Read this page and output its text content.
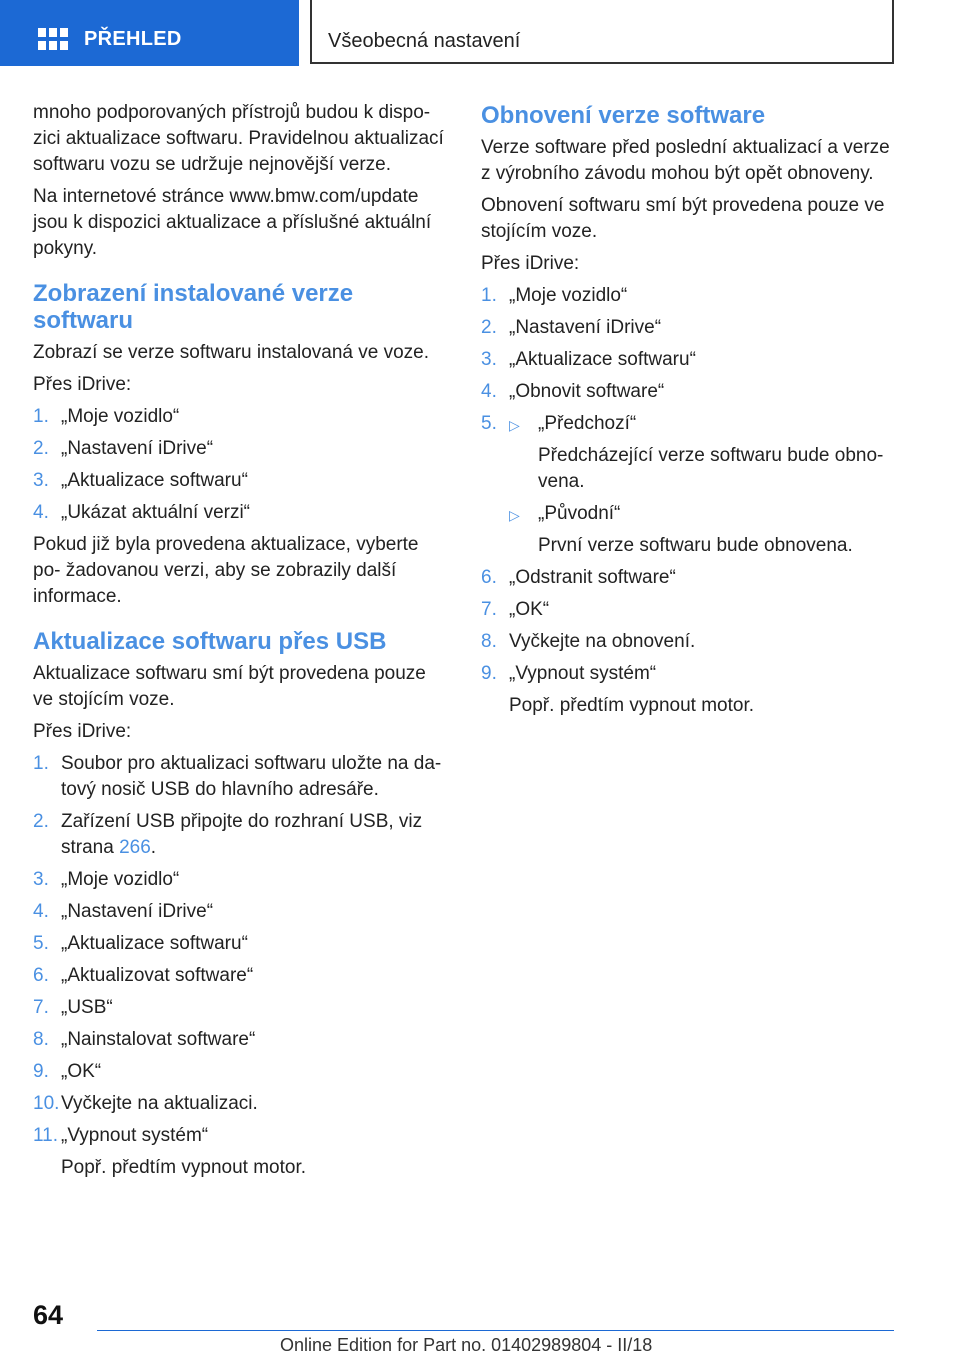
PŘEHLED	Všeobecná nastavení

mnoho podporovaných přístrojů budou k dispo- zici aktualizace softwaru. Pravidelnou aktualizací softwaru vozu se udržuje nejnovější verze.

Na internetové stránce www.bmw.com/update jsou k dispozici aktualizace a příslušné aktuální pokyny.

Zobrazení instalované verze softwaru

Zobrazí se verze softwaru instalovaná ve voze.

Přes iDrive:

1. „Moje vozidlo“
2. „Nastavení iDrive“
3. „Aktualizace softwaru“
4. „Ukázat aktuální verzi“

Pokud již byla provedena aktualizace, vyberte po- žadovanou verzi, aby se zobrazily další informace.

Aktualizace softwaru přes USB

Aktualizace softwaru smí být provedena pouze ve stojícím voze.

Přes iDrive:

1. Soubor pro aktualizaci softwaru uložte na da- tový nosič USB do hlavního adresáře.
2. Zařízení USB připojte do rozhraní USB, viz strana 266.
3. „Moje vozidlo“
4. „Nastavení iDrive“
5. „Aktualizace softwaru“
6. „Aktualizovat software“
7. „USB“
8. „Nainstalovat software“
9. „OK“
10. Vyčkejte na aktualizaci.
11. „Vypnout systém“
Popř. předtím vypnout motor.
Obnovení verze software

Verze software před poslední aktualizací a verze z výrobního závodu mohou být opět obnoveny.

Obnovení softwaru smí být provedena pouze ve stojícím voze.

Přes iDrive:

1. „Moje vozidlo“
2. „Nastavení iDrive“
3. „Aktualizace softwaru“
4. „Obnovit software“
5. ▷ „Předchozí“
Předcházející verze softwaru bude obno- vena.
▷ „Původní“
První verze softwaru bude obnovena.
6. „Odstranit software“
7. „OK“
8. Vyčkejte na obnovení.
9. „Vypnout systém“
Popř. předtím vypnout motor.
64
Online Edition for Part no. 01402989804 - II/18
